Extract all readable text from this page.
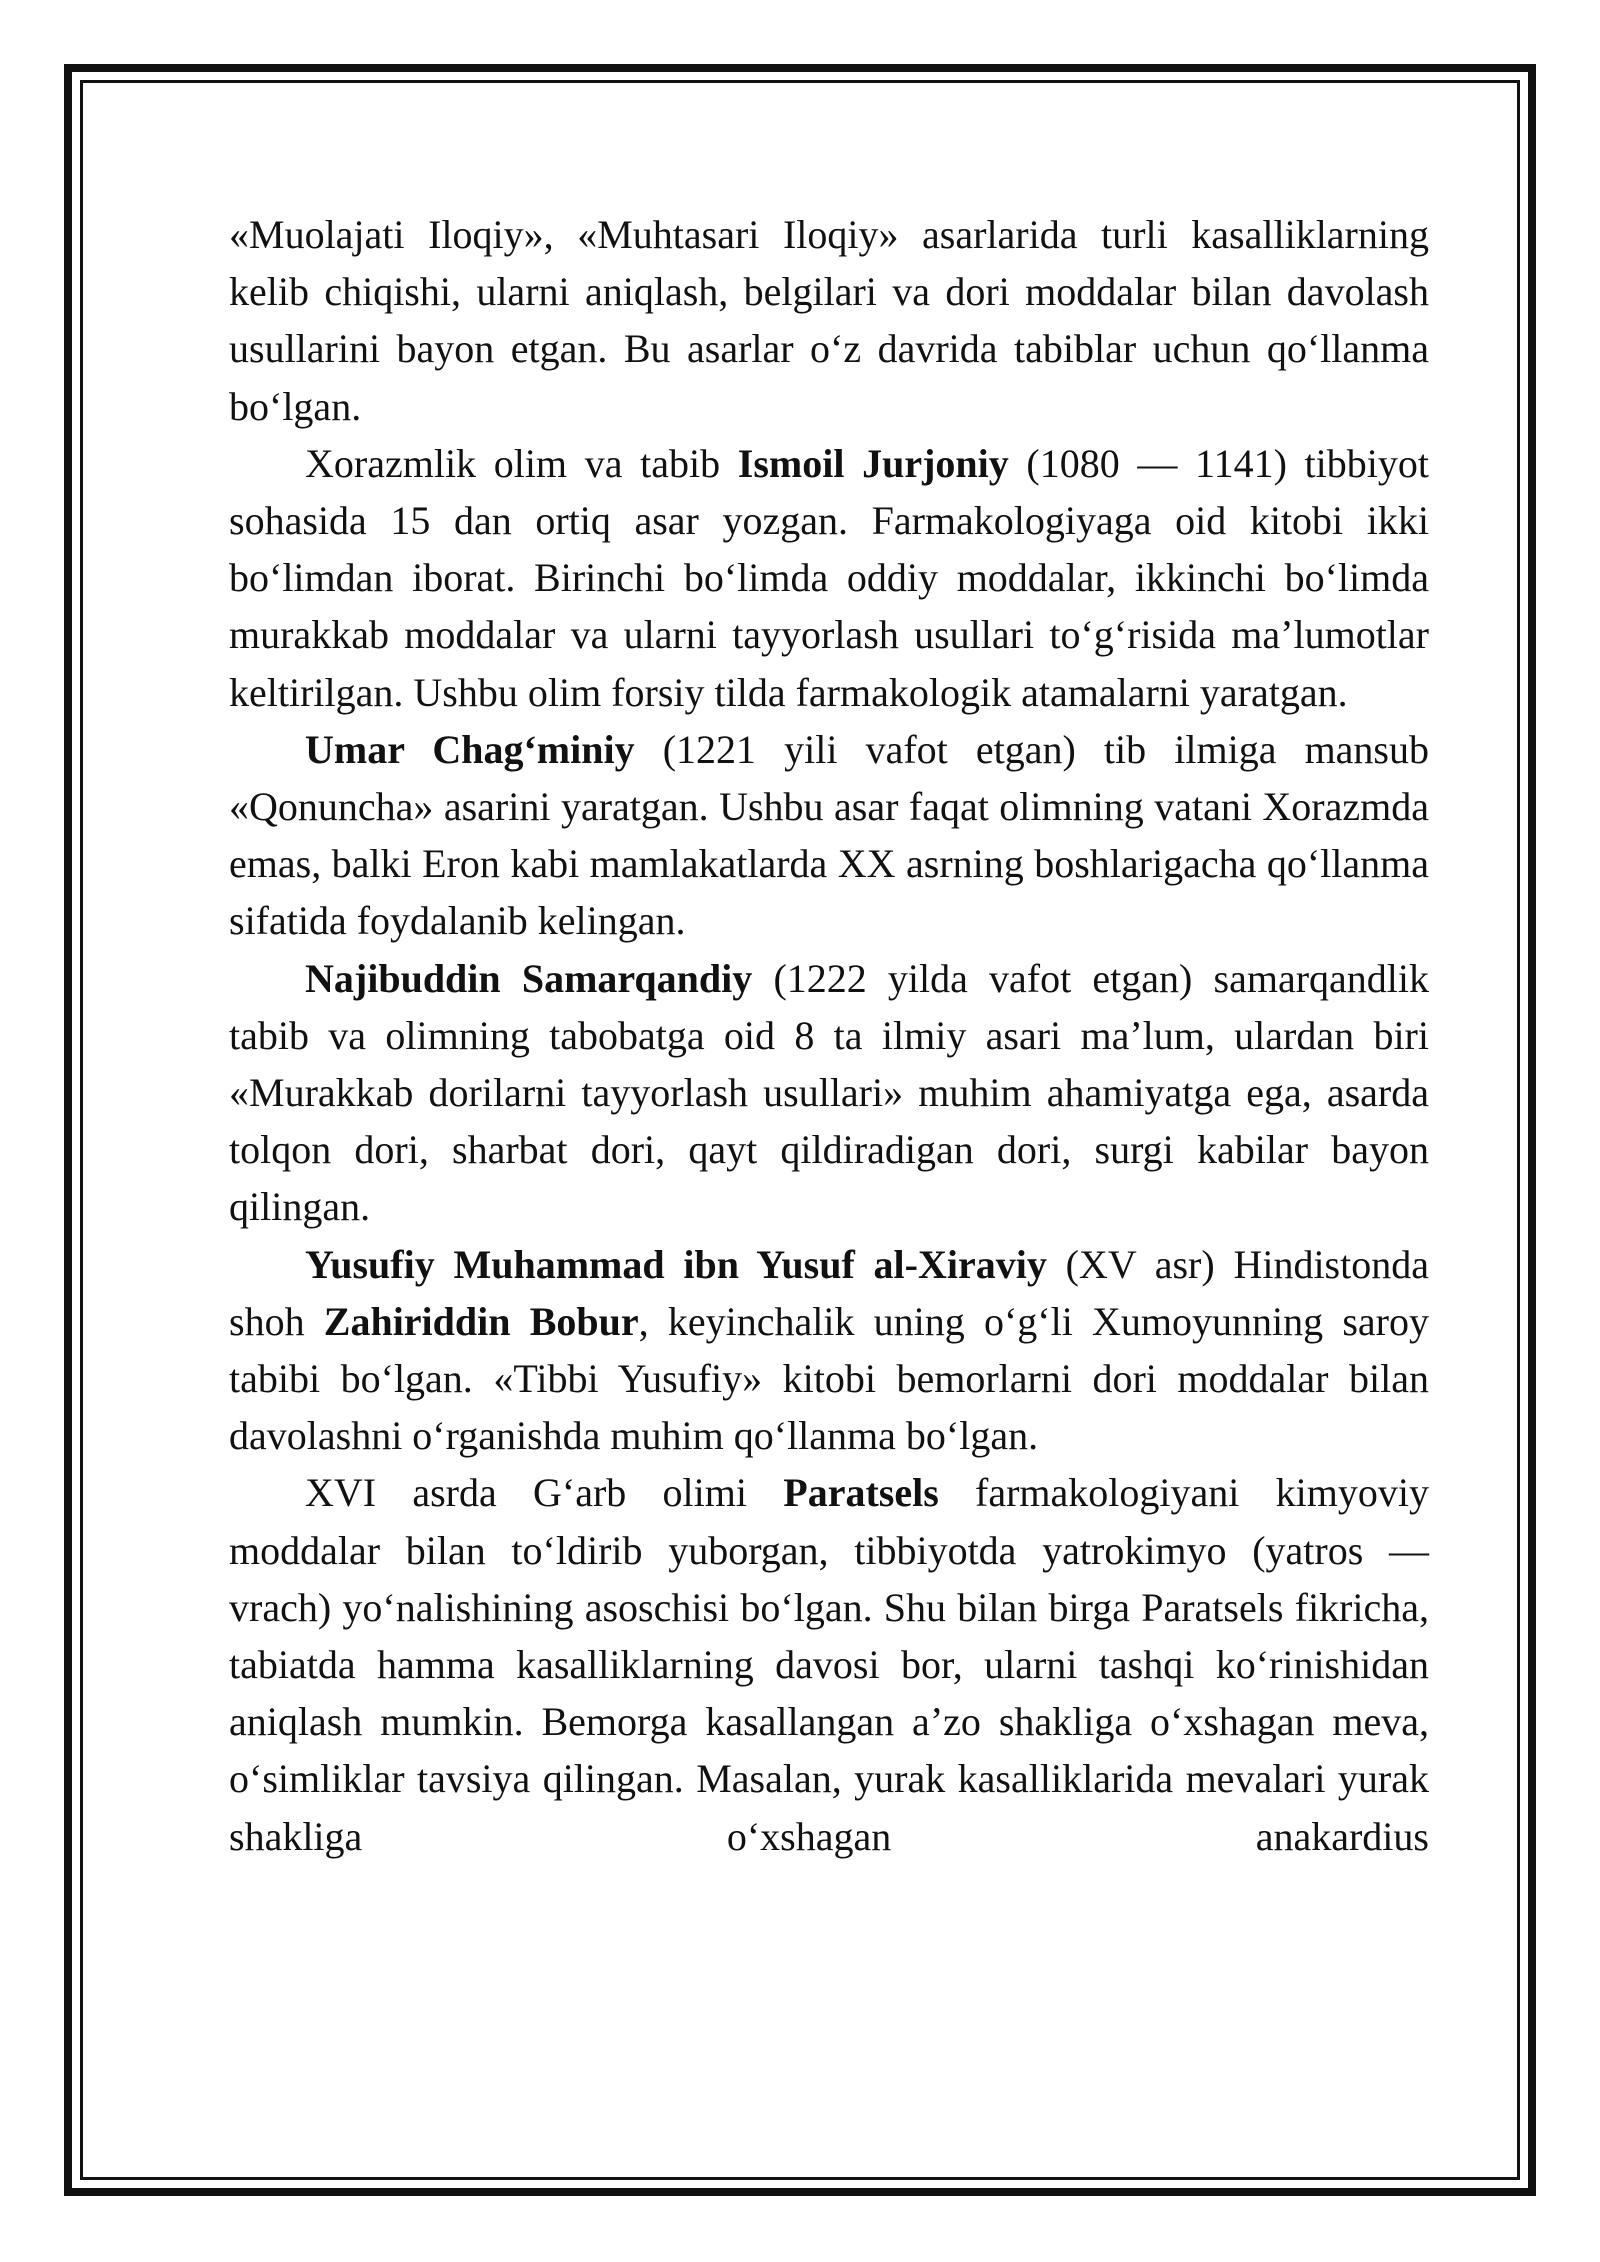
«Muolajati Iloqiy», «Muhtasari Iloqiy» asarlarida turli kasalliklarning kelib chiqishi, ularni aniqlash, belgilari va dori moddalar bilan davolash usullarini bayon etgan. Bu asarlar oʻz davrida tabiblar uchun qoʻllanma boʻlgan.

Xorazmlik olim va tabib Ismoil Jurjoniy (1080 — 1141) tibbiyot sohasida 15 dan ortiq asar yozgan. Farmakologiyaga oid kitobi ikki boʻlimdan iborat. Birinchi boʻlimda oddiy moddalar, ikkinchi boʻlimda murakkab moddalar va ularni tayyorlash usullari toʻgʻrisida maʼlumotlar keltirilgan. Ushbu olim forsiy tilda farmakologik atamalarni yaratgan.

Umar Chagʻminiy (1221 yili vafot etgan) tib ilmiga mansub «Qonuncha» asarini yaratgan. Ushbu asar faqat olimning vatani Xorazmda emas, balki Eron kabi mamlakatlarda XX asrning boshlarigacha qoʻllanma sifatida foydalanib kelingan.

Najibuddin Samarqandiy (1222 yilda vafot etgan) samarqandlik tabib va olimning tabobatga oid 8 ta ilmiy asari maʼlum, ulardan biri «Murakkab dorilarni tayyorlash usullari» muhim ahamiyatga ega, asarda tolqon dori, sharbat dori, qayt qildiradigan dori, surgi kabilar bayon qilingan.

Yusufiy Muhammad ibn Yusuf al-Xiraviy (XV asr) Hindistonda shoh Zahiriddin Bobur, keyinchalik uning oʻgʻli Xumoyunning saroy tabibi boʻlgan. «Tibbi Yusufiy» kitobi bemorlarni dori moddalar bilan davolashni oʻrganishda muhim qoʻllanma boʻlgan.

XVI asrda Gʻarb olimi Paratsels farmakologiyani kimyoviy moddalar bilan toʻldirib yuborgan, tibbiyotda yatrokimyo (yatros — vrach) yoʻnalishining asoschisi boʻlgan. Shu bilan birga Paratsels fikricha, tabiatda hamma kasalliklarning davosi bor, ularni tashqi koʻrinishidan aniqlash mumkin. Bemorga kasallangan aʼzo shakliga oʻxshagan meva, oʻsimliklar tavsiya qilingan. Masalan, yurak kasalliklarida mevalari yurak shakliga oʻxshagan anakardius
